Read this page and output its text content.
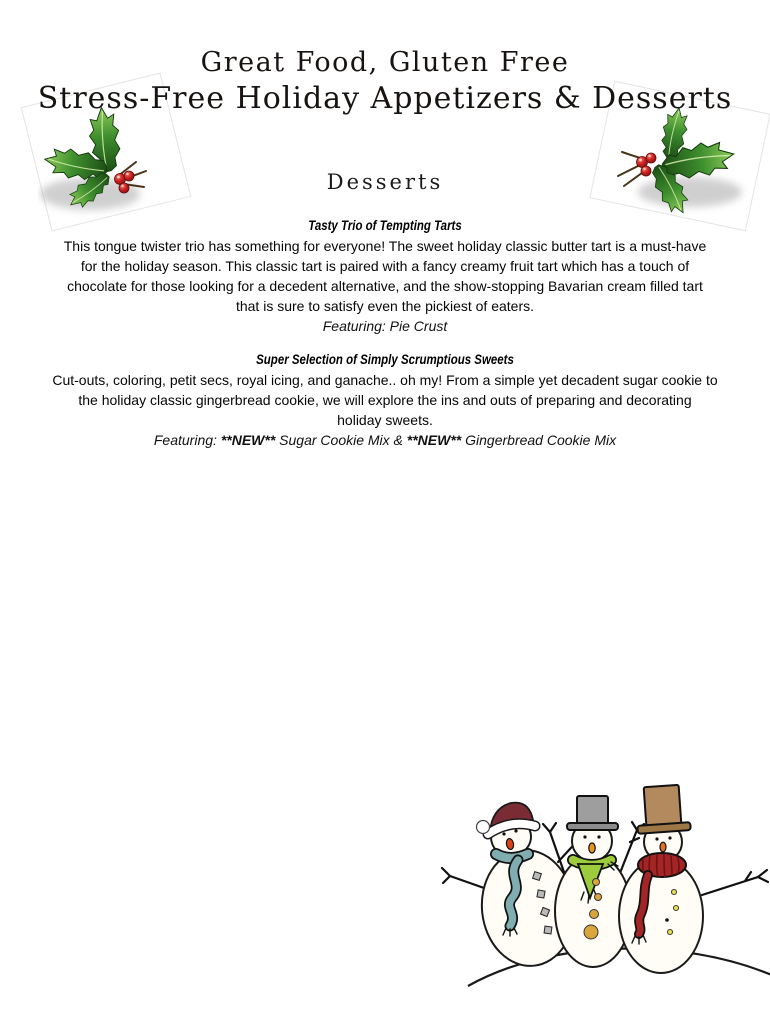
Great Food, Gluten Free
Stress-Free Holiday Appetizers & Desserts
Desserts
Tasty Trio of Tempting Tarts
This tongue twister trio has something for everyone! The sweet holiday classic butter tart is a must-have
for the holiday season. This classic tart is paired with a fancy creamy fruit tart which has a touch of
chocolate for those looking for a decedent alternative, and the show-stopping Bavarian cream filled tart
that is sure to satisfy even the pickiest of eaters.
Featuring: Pie Crust
Super Selection of Simply Scrumptious Sweets
Cut-outs, coloring, petit secs, royal icing, and ganache.. oh my! From a simple yet decadent sugar cookie to
the holiday classic gingerbread cookie, we will explore the ins and outs of preparing and decorating
holiday sweets.
Featuring: **NEW** Sugar Cookie Mix & **NEW** Gingerbread Cookie Mix
